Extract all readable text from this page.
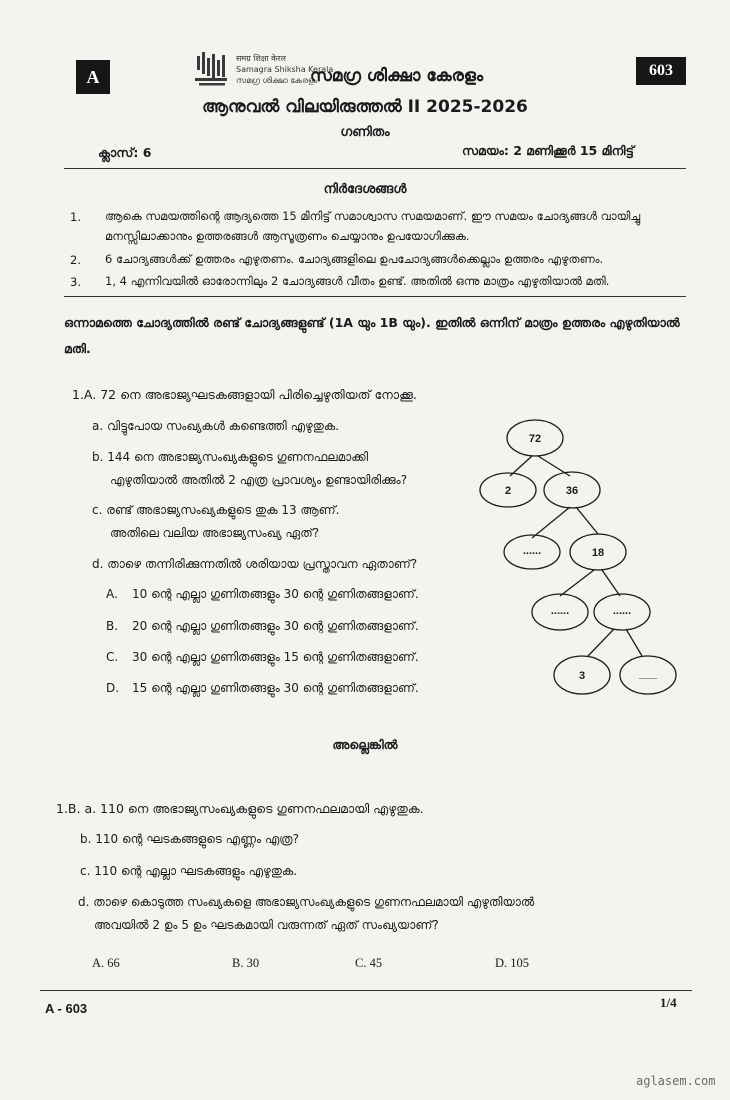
A
समग्र शिक्षा केरल
Samagra Shiksha Kerala
സമഗ്ര ശിക്ഷാ കേരളം
സമഗ്ര ശിക്ഷാ കേരളം	603
ആനുവൽ വിലയിരുത്തൽ II 2025-2026
ഗണിതം
ക്ലാസ്: 6	സമയം: 2 മണിക്കൂർ 15 മിനിട്ട്
നിർദേശങ്ങൾ
1. ആകെ സമയത്തിന്റെ ആദ്യത്തെ 15 മിനിട്ട് സമാശ്വാസ സമയമാണ്. ഈ സമയം ചോദ്യങ്ങൾ വായിച്ചു മനസ്സിലാക്കാനും ഉത്തരങ്ങൾ ആസൂത്രണം ചെയ്യാനും ഉപയോഗിക്കുക.
2. 6 ചോദ്യങ്ങൾക്ക് ഉത്തരം എഴുതണം. ചോദ്യങ്ങളിലെ ഉപചോദ്യങ്ങൾക്കെല്ലാം ഉത്തരം എഴുതണം.
3. 1, 4 എന്നിവയിൽ ഓരോന്നിലും 2 ചോദ്യങ്ങൾ വീതം ഉണ്ട്. അതിൽ ഒന്നു മാത്രം എഴുതിയാൽ മതി.
ഒന്നാമത്തെ ചോദ്യത്തിൽ രണ്ട് ചോദ്യങ്ങളുണ്ട് (1A യും 1B യും). ഇതിൽ ഒന്നിന് മാത്രം ഉത്തരം എഴുതിയാൽ മതി.
1.A. 72 നെ അഭാജ്യഘടകങ്ങളായി പിരിച്ചെഴുതിയത് നോക്കൂ.
a. വിട്ടുപോയ സംഖ്യകൾ കണ്ടെത്തി എഴുതുക.
b. 144 നെ അഭാജ്യസംഖ്യകളുടെ ഗുണനഫലമാക്കി
എഴുതിയാൽ അതിൽ 2 എത്ര പ്രാവശ്യം ഉണ്ടായിരിക്കും?
c. രണ്ട് അഭാജ്യസംഖ്യകളുടെ തുക 13 ആണ്.
അതിലെ വലിയ അഭാജ്യസംഖ്യ ഏത്?
d. താഴെ തന്നിരിക്കുന്നതിൽ ശരിയായ പ്രസ്താവന ഏതാണ്?
A. 10 ന്റെ എല്ലാ ഗുണിതങ്ങളും 30 ന്റെ ഗുണിതങ്ങളാണ്.
B. 20 ന്റെ എല്ലാ ഗുണിതങ്ങളും 30 ന്റെ ഗുണിതങ്ങളാണ്.
C. 30 ന്റെ എല്ലാ ഗുണിതങ്ങളും 15 ന്റെ ഗുണിതങ്ങളാണ്.
D. 15 ന്റെ എല്ലാ ഗുണിതങ്ങളും 30 ന്റെ ഗുണിതങ്ങളാണ്.
72
2	36
......	18
......	......
3	___
അല്ലെങ്കിൽ
1.B. a. 110 നെ അഭാജ്യസംഖ്യകളുടെ ഗുണനഫലമായി എഴുതുക.
b. 110 ന്റെ ഘടകങ്ങളുടെ എണ്ണം എത്ര?
c. 110 ന്റെ എല്ലാ ഘടകങ്ങളും എഴുതുക.
d. താഴെ കൊടുത്ത സംഖ്യകളെ അഭാജ്യസംഖ്യകളുടെ ഗുണനഫലമായി എഴുതിയാൽ
അവയിൽ 2 ഉം 5 ഉം ഘടകമായി വരുന്നത് ഏത് സംഖ്യയാണ്?
A. 66	B. 30	C. 45	D. 105
A - 603	1/4
aglasem.com
